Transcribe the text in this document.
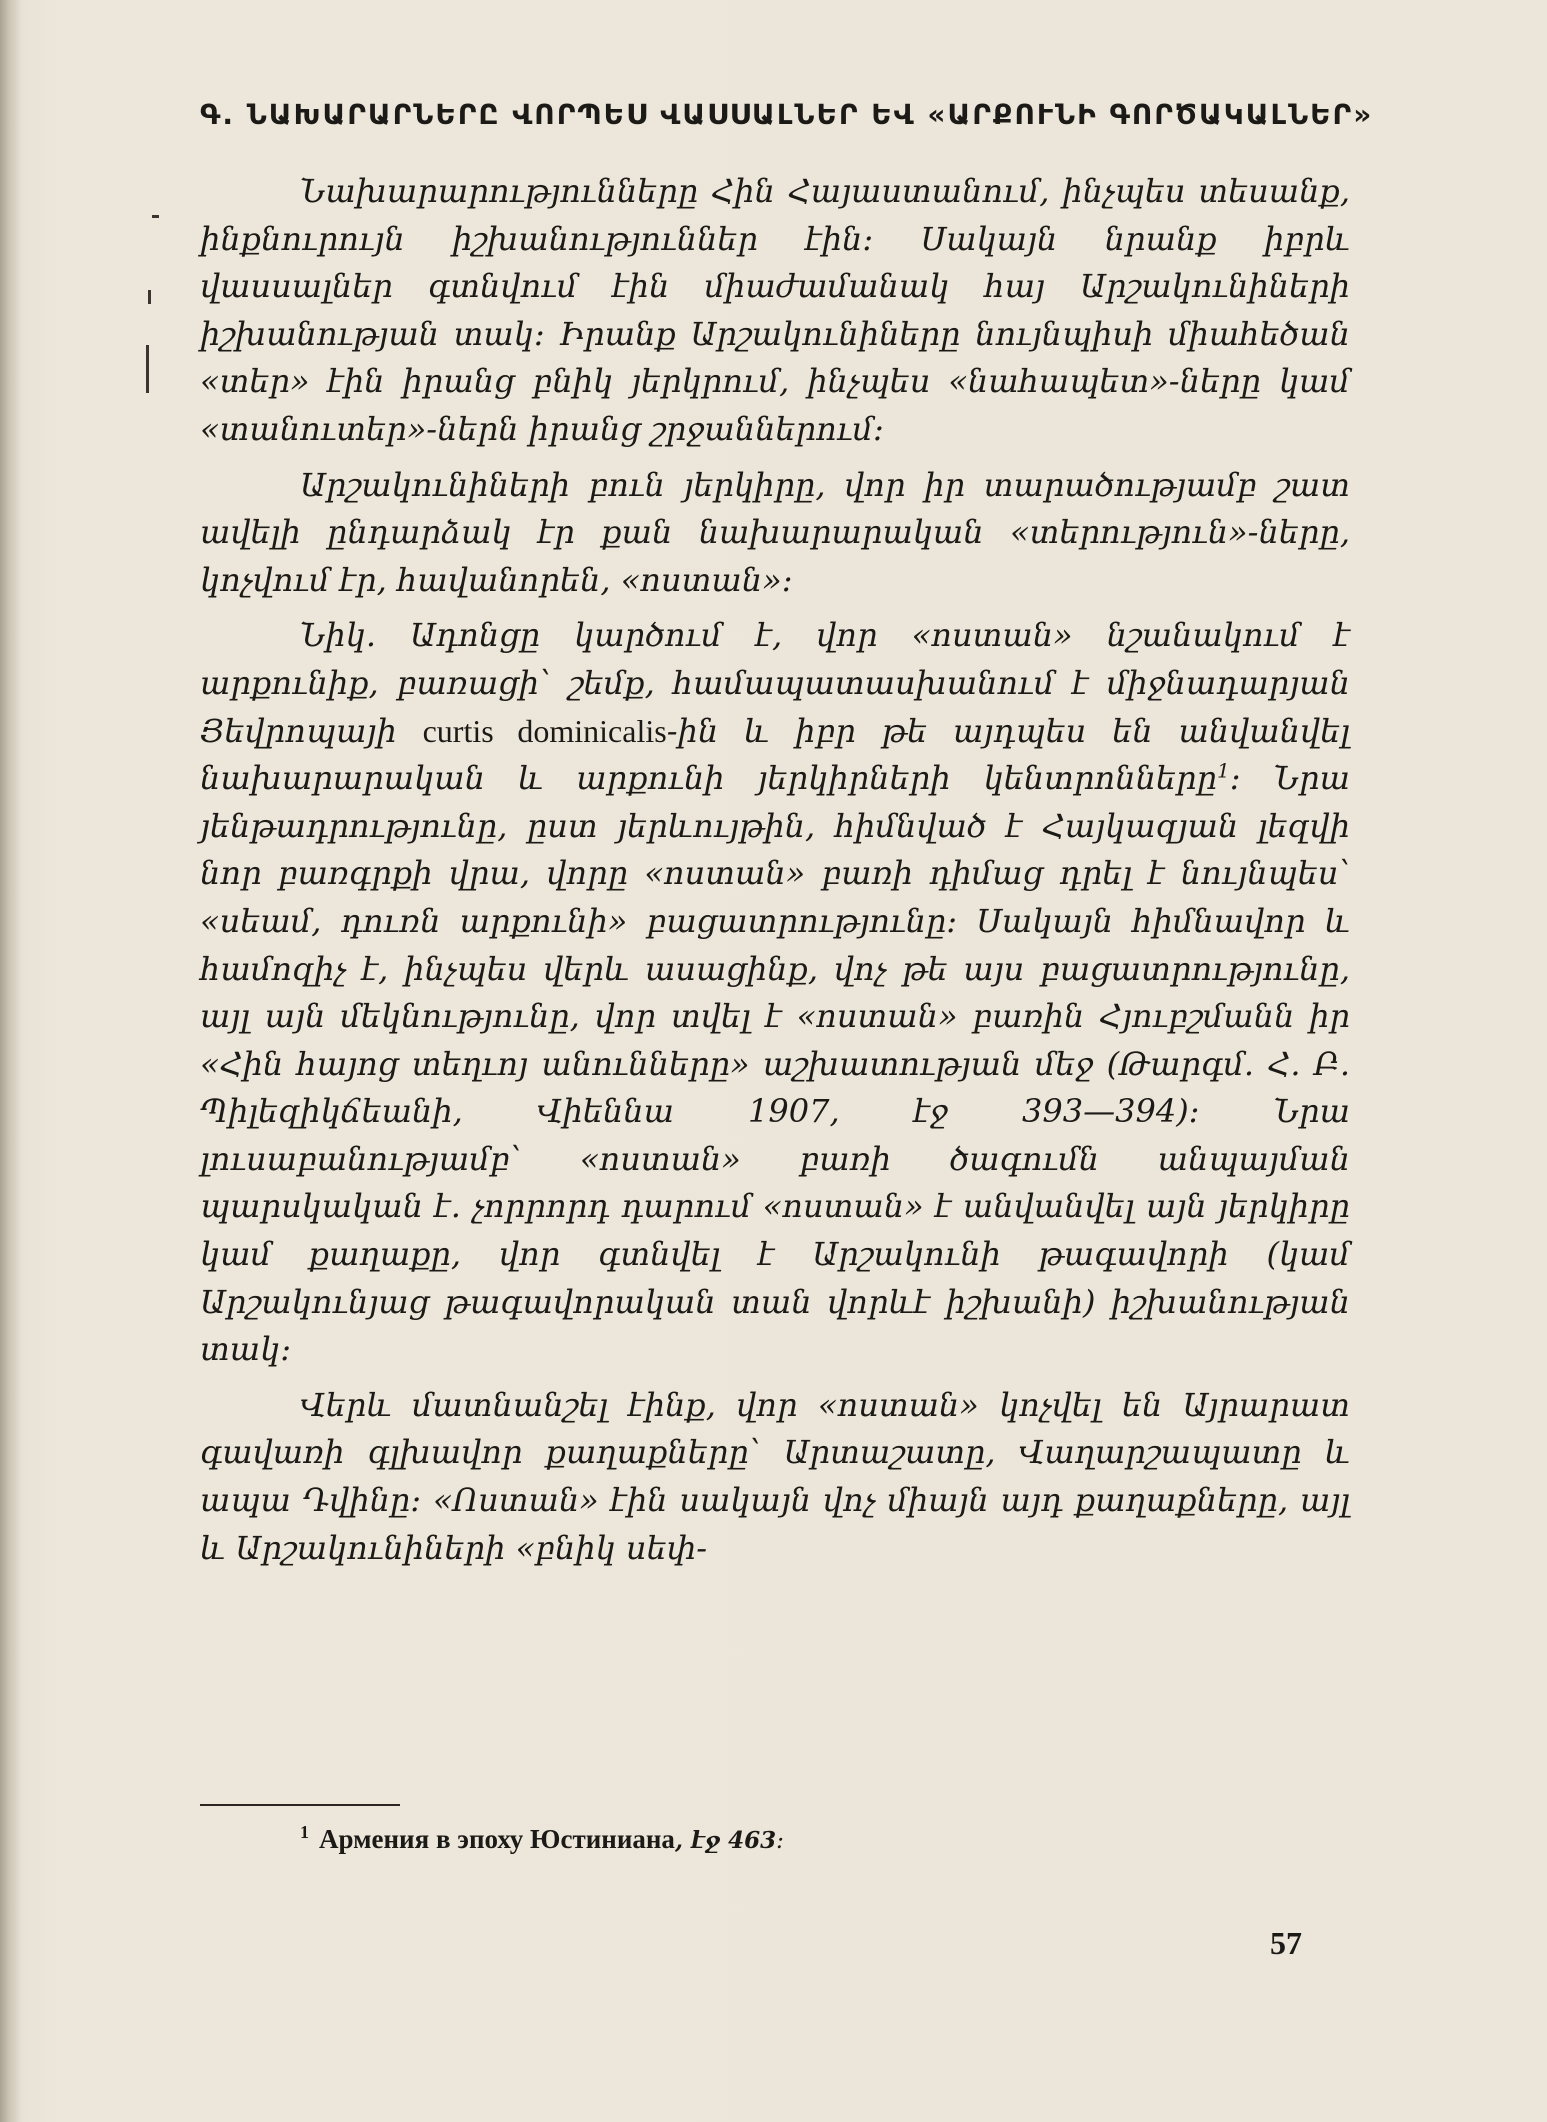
Գ. ՆԱԽԱՐԱՐՆԵՐԸ ՎՈՐՊԵՍ ՎԱՍՍԱԼՆԵՐ ԵՎ «ԱՐՔՈՒՆԻ ԳՈՐԾԱԿԱԼՆԵՐ»

Նախարարությունները Հին Հայաստանում, ինչպես տեսանք, ինքնուրույն իշխանություններ էին։ Սակայն նրանք իբրև վասսալներ գտնվում էին միաժամանակ հայ Արշակունիների իշխանության տակ։ Իրանք Արշակունիները նույնպիսի միահեծան «տեր» էին իրանց բնիկ յերկրում, ինչպես «նահապետ»-ները կամ «տանուտեր»-ներն իրանց շրջաններում։

Արշակունիների բուն յերկիրը, վոր իր տարածությամբ շատ ավելի ընդարձակ էր քան նախարարական «տերություն»-ները, կոչվում էր, հավանորեն, «ոստան»։

Նիկ. Ադոնցը կարծում է, վոր «ոստան» նշանակում է արքունիք, բառացի՝ շեմք, համապատասխանում է միջնադարյան Յեվրոպայի curtis dominicalis-ին և իբր թե այդպես են անվանվել նախարարական և արքունի յերկիրների կենտրոնները$^1$։ Նրա յենթադրությունը, ըստ յերևույթին, հիմնված է Հայկազյան լեզվի նոր բառգրքի վրա, վորը «ոստան» բառի դիմաց դրել է նույնպես՝ «սեամ, դուռն արքունի» բացատրությունը։ Սակայն հիմնավոր և համոզիչ է, ինչպես վերև ասացինք, վոչ թե այս բացատրությունը, այլ այն մեկնությունը, վոր տվել է «ոստան» բառին Հյուբշմանն իր «Հին հայոց տեղւոյ անունները» աշխատության մեջ (Թարգմ. Հ. Բ. Պիլեզիկճեանի, Վիեննա 1907, էջ 393—394)։ Նրա լուսաբանությամբ՝ «ոստան» բառի ծագումն անպայման պարսկական է. չորրորդ դարում «ոստան» է անվանվել այն յերկիրը կամ քաղաքը, վոր գտնվել է Արշակունի թագավորի (կամ Արշակունյաց թագավորական տան վորևէ իշխանի) իշխանության տակ։

Վերև մատնանշել էինք, վոր «ոստան» կոչվել են Այրարատ գավառի գլխավոր քաղաքները՝ Արտաշատը, Վաղարշապատը և ապա Դվինը։ «Ոստան» էին սակայն վոչ միայն այդ քաղաքները, այլ և Արշակունիների «բնիկ սեփ-

$^1$ Армения в эпоху Юстиниана, էջ 463։
57
